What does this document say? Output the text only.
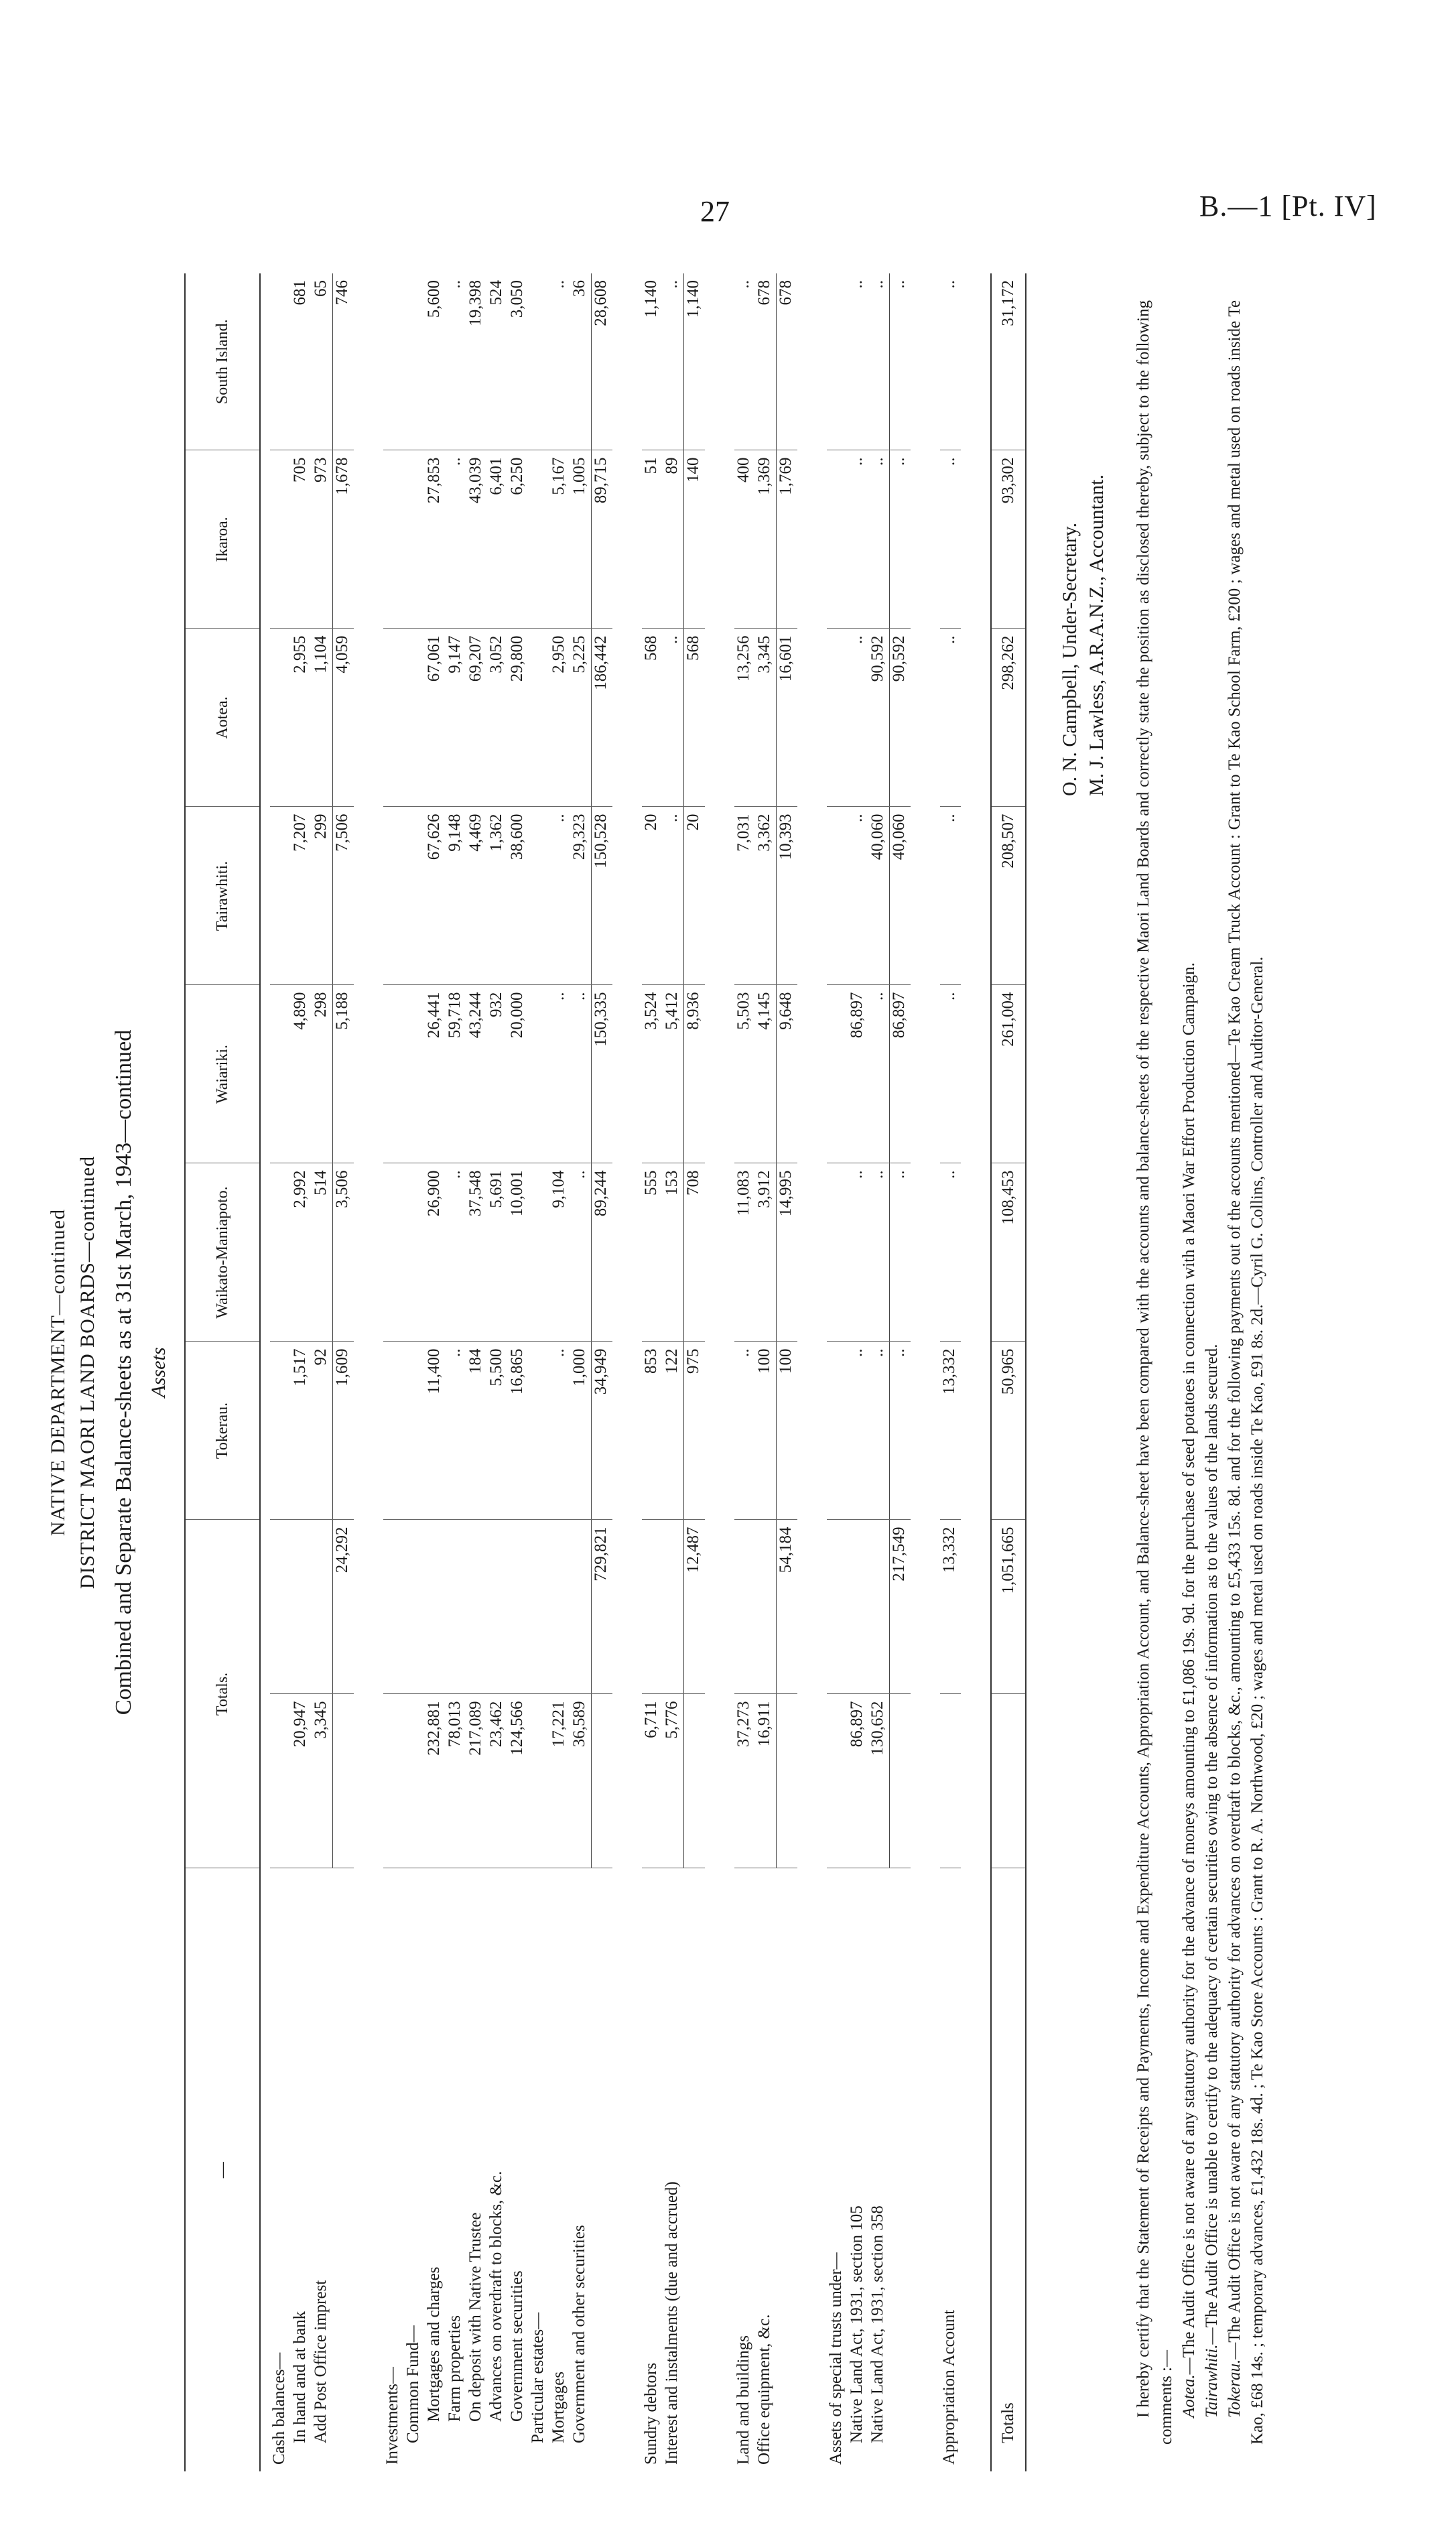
27	B.—1 [Pt. IV]
NATIVE DEPARTMENT—continued DISTRICT MAORI LAND BOARDS—continued Combined and Separate Balance-sheets as at 31st March, 1943—continued Assets
—	Totals.		Tokerau.	Waikato-Maniapoto.	Waiariki.	Tairawhiti.	Aotea.	Ikaroa.	South Island.

Cash balances—									
In hand and at bank	20,947		1,517	2,992	4,890	7,207	2,955	705	681
Add Post Office imprest	3,345		92	514	298	299	1,104	973	65
		24,292	1,609	3,506	5,188	7,506	4,059	1,678	746

Investments—									
Common Fund—									
Mortgages and charges	232,881		11,400	26,900	26,441	67,626	67,061	27,853	5,600
Farm properties	78,013		..	..	59,718	9,148	9,147	..	..
On deposit with Native Trustee	217,089		184	37,548	43,244	4,469	69,207	43,039	19,398
Advances on overdraft to blocks, &c.	23,462		5,500	5,691	932	1,362	3,052	6,401	524
Government securities	124,566		16,865	10,001	20,000	38,600	29,800	6,250	3,050
Particular estates—									
Mortgages	17,221		..	9,104	..	..	2,950	5,167	..
Government and other securities	36,589		1,000	..	..	29,323	5,225	1,005	36
		729,821	34,949	89,244	150,335	150,528	186,442	89,715	28,608

Sundry debtors	6,711		853	555	3,524	20	568	51	1,140
Interest and instalments (due and accrued)	5,776		122	153	5,412	..	..	89	..
		12,487	975	708	8,936	20	568	140	1,140

Land and buildings	37,273		..	11,083	5,503	7,031	13,256	400	..
Office equipment, &c.	16,911		100	3,912	4,145	3,362	3,345	1,369	678
		54,184	100	14,995	9,648	10,393	16,601	1,769	678

Assets of special trusts under—									
Native Land Act, 1931, section 105	86,897		..	..	86,897	..	..	..	..
Native Land Act, 1931, section 358	130,652		..	..	..	40,060	90,592	..	..
		217,549	..	..	86,897	40,060	90,592	..	..

Appropriation Account		13,332	13,332	..	..	..	..	..	..

Totals		1,051,665	50,965	108,453	261,004	208,507	298,262	93,302	31,172
O. N. Campbell, Under-Secretary. M. J. Lawless, A.R.A.N.Z., Accountant. I hereby certify that the Statement of Receipts and Payments, Income and Expenditure Accounts, Appropriation Account, and Balance-sheet have been compared with the accounts and balance-sheets of the respective Maori Land Boards and correctly state the position as disclosed thereby, subject to the following comments :— Aotea.—The Audit Office is not aware of any statutory authority for the advance of moneys amounting to £1,086 19s. 9d. for the purchase of seed potatoes in connection with a Maori War Effort Production Campaign.

Tairawhiti.—The Audit Office is unable to certify to the adequacy of certain securities owing to the absence of information as to the values of the lands secured.

Tokerau.—The Audit Office is not aware of any statutory authority for advances on overdraft to blocks, &c., amounting to £5,433 15s. 8d. and for the following payments out of the accounts mentioned—Te Kao Cream Truck Account : Grant to Te Kao School Farm, £200 ; wages and metal used on roads inside Te Kao, £68 14s. ; temporary advances, £1,432 18s. 4d. ; Te Kao Store Accounts : Grant to R. A. Northwood, £20 ; wages and metal used on roads inside Te Kao, £91 8s. 2d.—Cyril G. Collins, Controller and Auditor-General.
